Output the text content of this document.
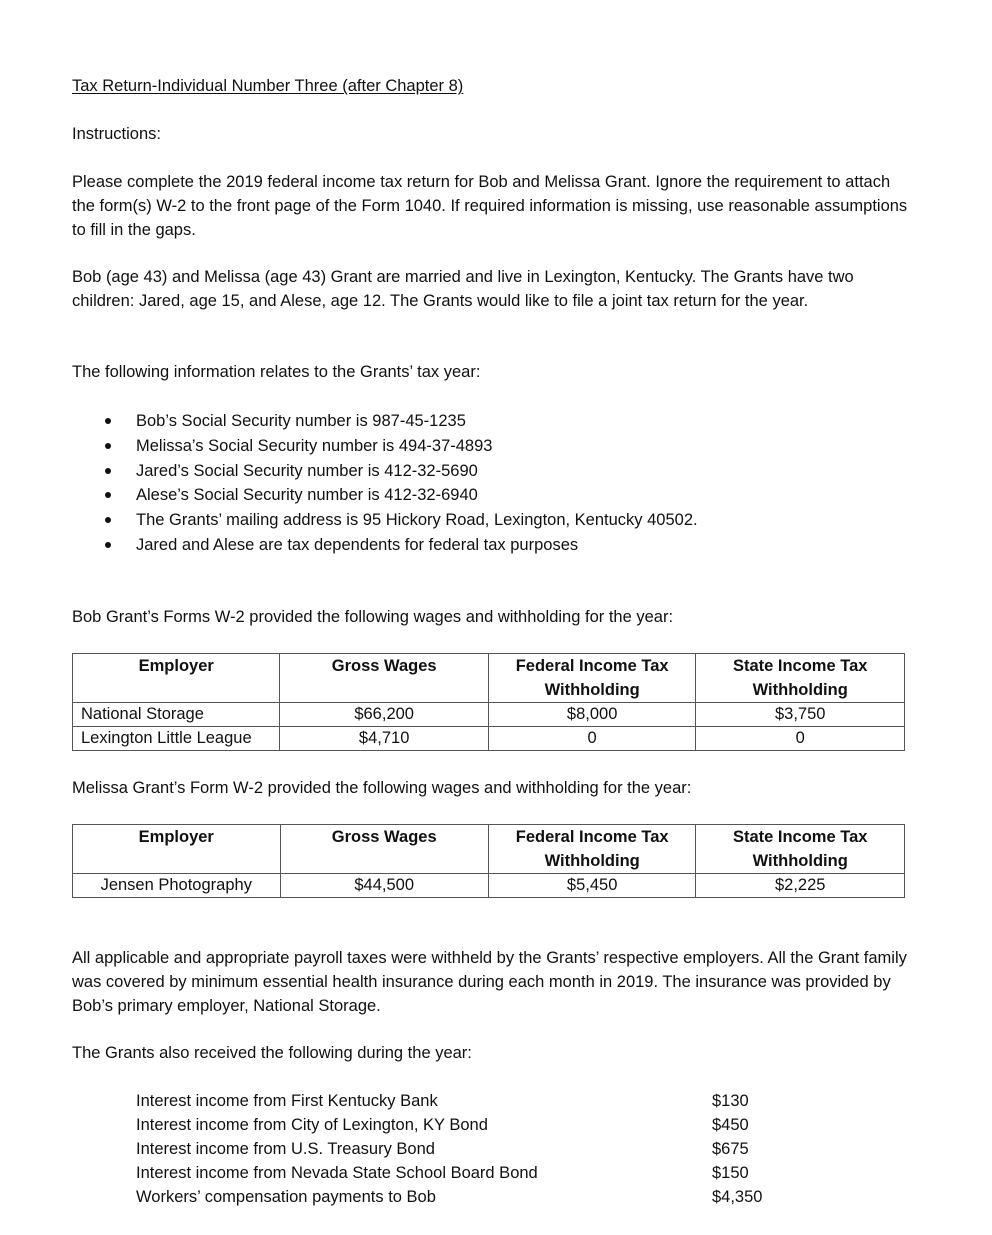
Tax Return-Individual Number Three (after Chapter 8)
Instructions:
Please complete the 2019 federal income tax return for Bob and Melissa Grant. Ignore the requirement to attach the form(s) W-2 to the front page of the Form 1040. If required information is missing, use reasonable assumptions to fill in the gaps.
Bob (age 43) and Melissa (age 43) Grant are married and live in Lexington, Kentucky. The Grants have two children: Jared, age 15, and Alese, age 12. The Grants would like to file a joint tax return for the year.
The following information relates to the Grants’ tax year:
Bob’s Social Security number is 987-45-1235
Melissa’s Social Security number is 494-37-4893
Jared’s Social Security number is 412-32-5690
Alese’s Social Security number is 412-32-6940
The Grants’ mailing address is 95 Hickory Road, Lexington, Kentucky 40502.
Jared and Alese are tax dependents for federal tax purposes
Bob Grant’s Forms W-2 provided the following wages and withholding for the year:
Employer	Gross Wages	Federal Income Tax Withholding	State Income Tax Withholding
National Storage	$66,200	$8,000	$3,750
Lexington Little League	$4,710	0	0
Melissa Grant’s Form W-2 provided the following wages and withholding for the year:
Employer	Gross Wages	Federal Income Tax Withholding	State Income Tax Withholding
Jensen Photography	$44,500	$5,450	$2,225
All applicable and appropriate payroll taxes were withheld by the Grants’ respective employers. All the Grant family was covered by minimum essential health insurance during each month in 2019. The insurance was provided by Bob’s primary employer, National Storage.
The Grants also received the following during the year:
Interest income from First Kentucky Bank	$130
Interest income from City of Lexington, KY Bond	$450
Interest income from U.S. Treasury Bond	$675
Interest income from Nevada State School Board Bond	$150
Workers’ compensation payments to Bob	$4,350
